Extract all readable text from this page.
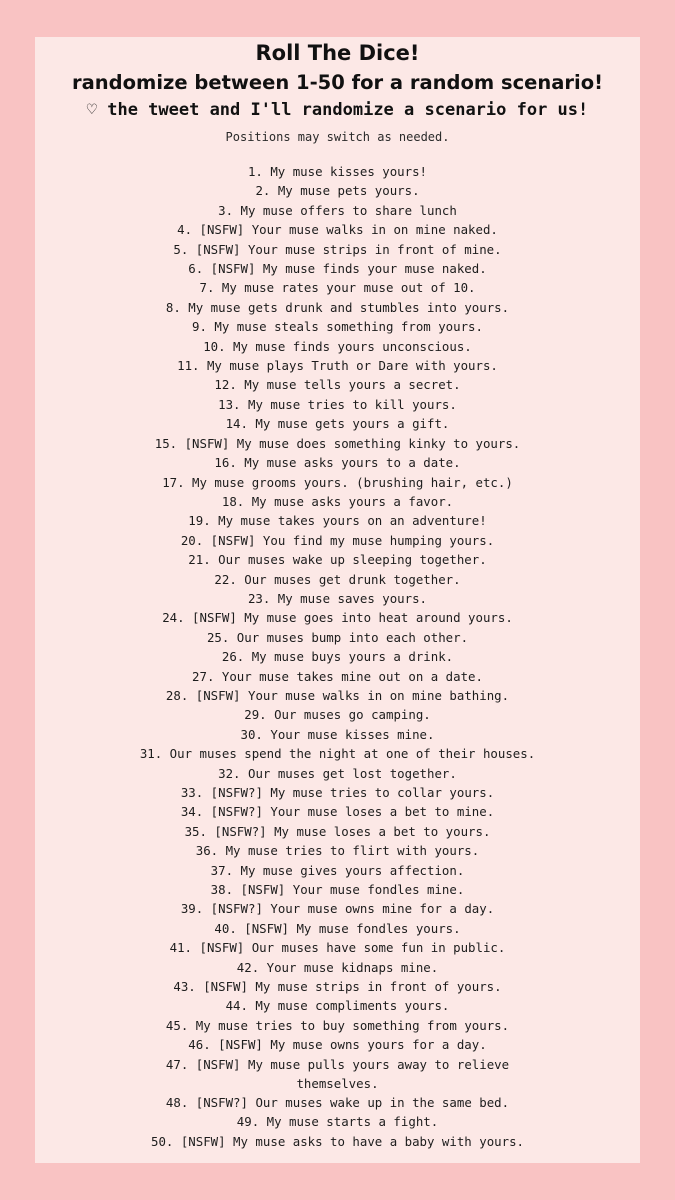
Roll The Dice!
randomize between 1-50 for a random scenario!
♡ the tweet and I'll randomize a scenario for us!
Positions may switch as needed.
1. My muse kisses yours!
2. My muse pets yours.
3. My muse offers to share lunch
4. [NSFW] Your muse walks in on mine naked.
5. [NSFW] Your muse strips in front of mine.
6. [NSFW] My muse finds your muse naked.
7. My muse rates your muse out of 10.
8. My muse gets drunk and stumbles into yours.
9. My muse steals something from yours.
10. My muse finds yours unconscious.
11. My muse plays Truth or Dare with yours.
12. My muse tells yours a secret.
13. My muse tries to kill yours.
14. My muse gets yours a gift.
15. [NSFW] My muse does something kinky to yours.
16. My muse asks yours to a date.
17. My muse grooms yours. (brushing hair, etc.)
18. My muse asks yours a favor.
19. My muse takes yours on an adventure!
20. [NSFW] You find my muse humping yours.
21. Our muses wake up sleeping together.
22. Our muses get drunk together.
23. My muse saves yours.
24. [NSFW] My muse goes into heat around yours.
25. Our muses bump into each other.
26. My muse buys yours a drink.
27. Your muse takes mine out on a date.
28. [NSFW] Your muse walks in on mine bathing.
29. Our muses go camping.
30. Your muse kisses mine.
31. Our muses spend the night at one of their houses.
32. Our muses get lost together.
33. [NSFW?] My muse tries to collar yours.
34. [NSFW?] Your muse loses a bet to mine.
35. [NSFW?] My muse loses a bet to yours.
36. My muse tries to flirt with yours.
37. My muse gives yours affection.
38. [NSFW] Your muse fondles mine.
39. [NSFW?] Your muse owns mine for a day.
40. [NSFW] My muse fondles yours.
41. [NSFW] Our muses have some fun in public.
42. Your muse kidnaps mine.
43. [NSFW] My muse strips in front of yours.
44. My muse compliments yours.
45. My muse tries to buy something from yours.
46. [NSFW] My muse owns yours for a day.
47. [NSFW] My muse pulls yours away to relieve themselves.
48. [NSFW?] Our muses wake up in the same bed.
49. My muse starts a fight.
50. [NSFW] My muse asks to have a baby with yours.
